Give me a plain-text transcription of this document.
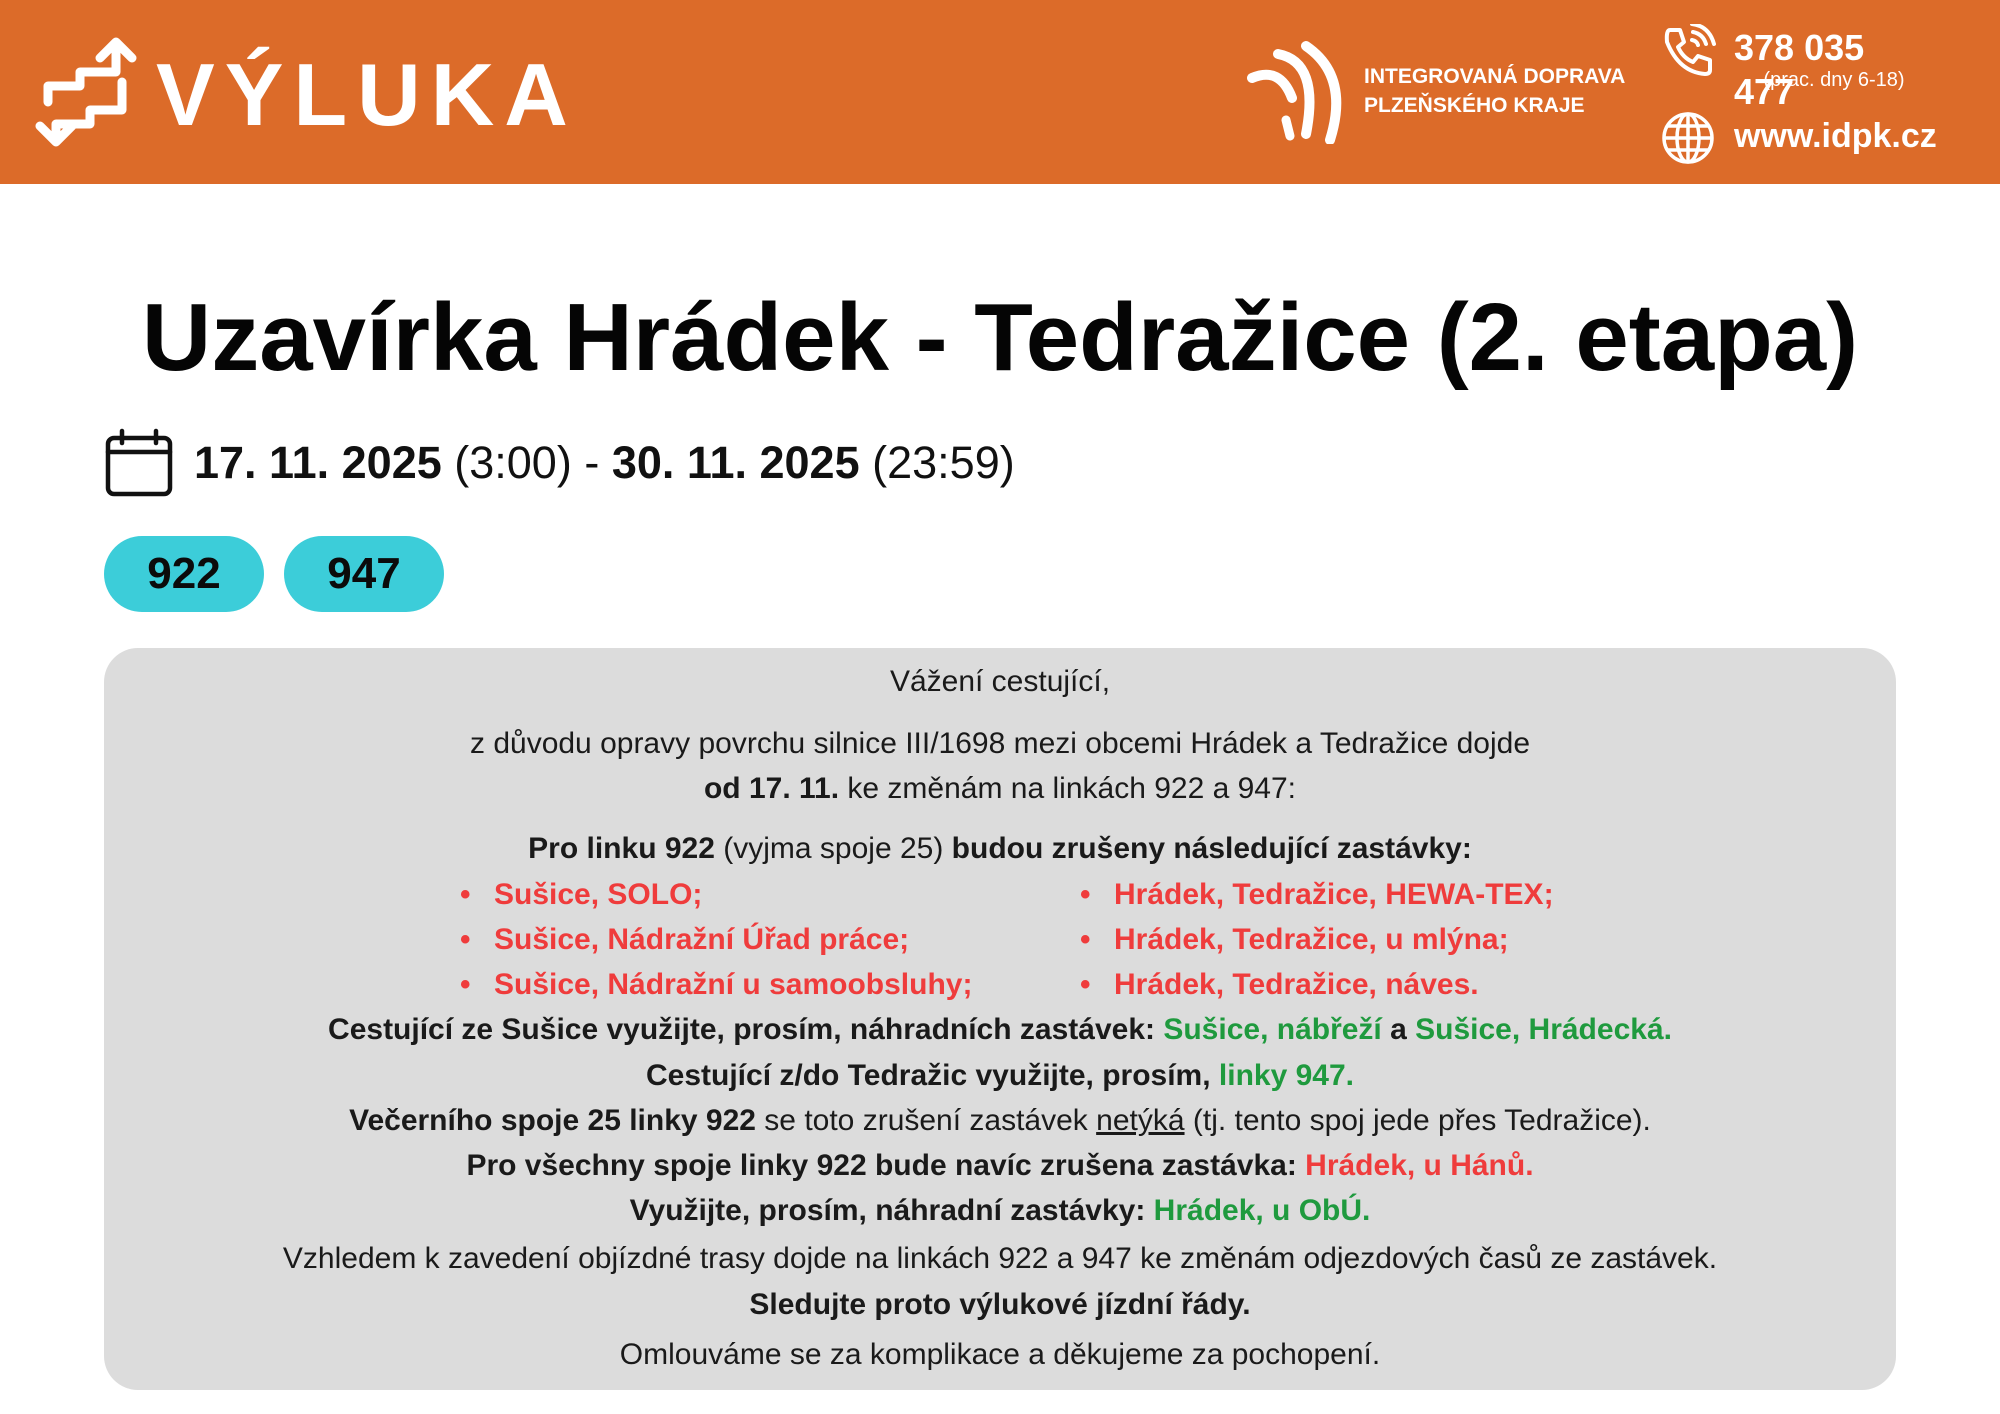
VÝLUKA	INTEGROVANÁ DOPRAVA
PLZEŇSKÉHO KRAJE
378 035 477
(prac. dny 6-18)
www.idpk.cz
Uzavírka Hrádek - Tedražice (2. etapa)
17. 11. 2025 (3:00) - 30. 11. 2025 (23:59)
922	947
Vážení cestující,
z důvodu opravy povrchu silnice III/1698 mezi obcemi Hrádek a Tedražice dojde
od 17. 11. ke změnám na linkách 922 a 947:
Pro linku 922 (vyjma spoje 25) budou zrušeny následující zastávky:
• Sušice, SOLO;
• Sušice, Nádražní Úřad práce;
• Sušice, Nádražní u samoobsluhy;
• Hrádek, Tedražice, HEWA-TEX;
• Hrádek, Tedražice, u mlýna;
• Hrádek, Tedražice, náves.
Cestující ze Sušice využijte, prosím, náhradních zastávek: Sušice, nábřeží a Sušice, Hrádecká.
Cestující z/do Tedražic využijte, prosím, linky 947.
Večerního spoje 25 linky 922 se toto zrušení zastávek netýká (tj. tento spoj jede přes Tedražice).
Pro všechny spoje linky 922 bude navíc zrušena zastávka: Hrádek, u Hánů.
Využijte, prosím, náhradní zastávky: Hrádek, u ObÚ.
Vzhledem k zavedení objízdné trasy dojde na linkách 922 a 947 ke změnám odjezdových časů ze zastávek.
Sledujte proto výlukové jízdní řády.
Omlouváme se za komplikace a děkujeme za pochopení.
